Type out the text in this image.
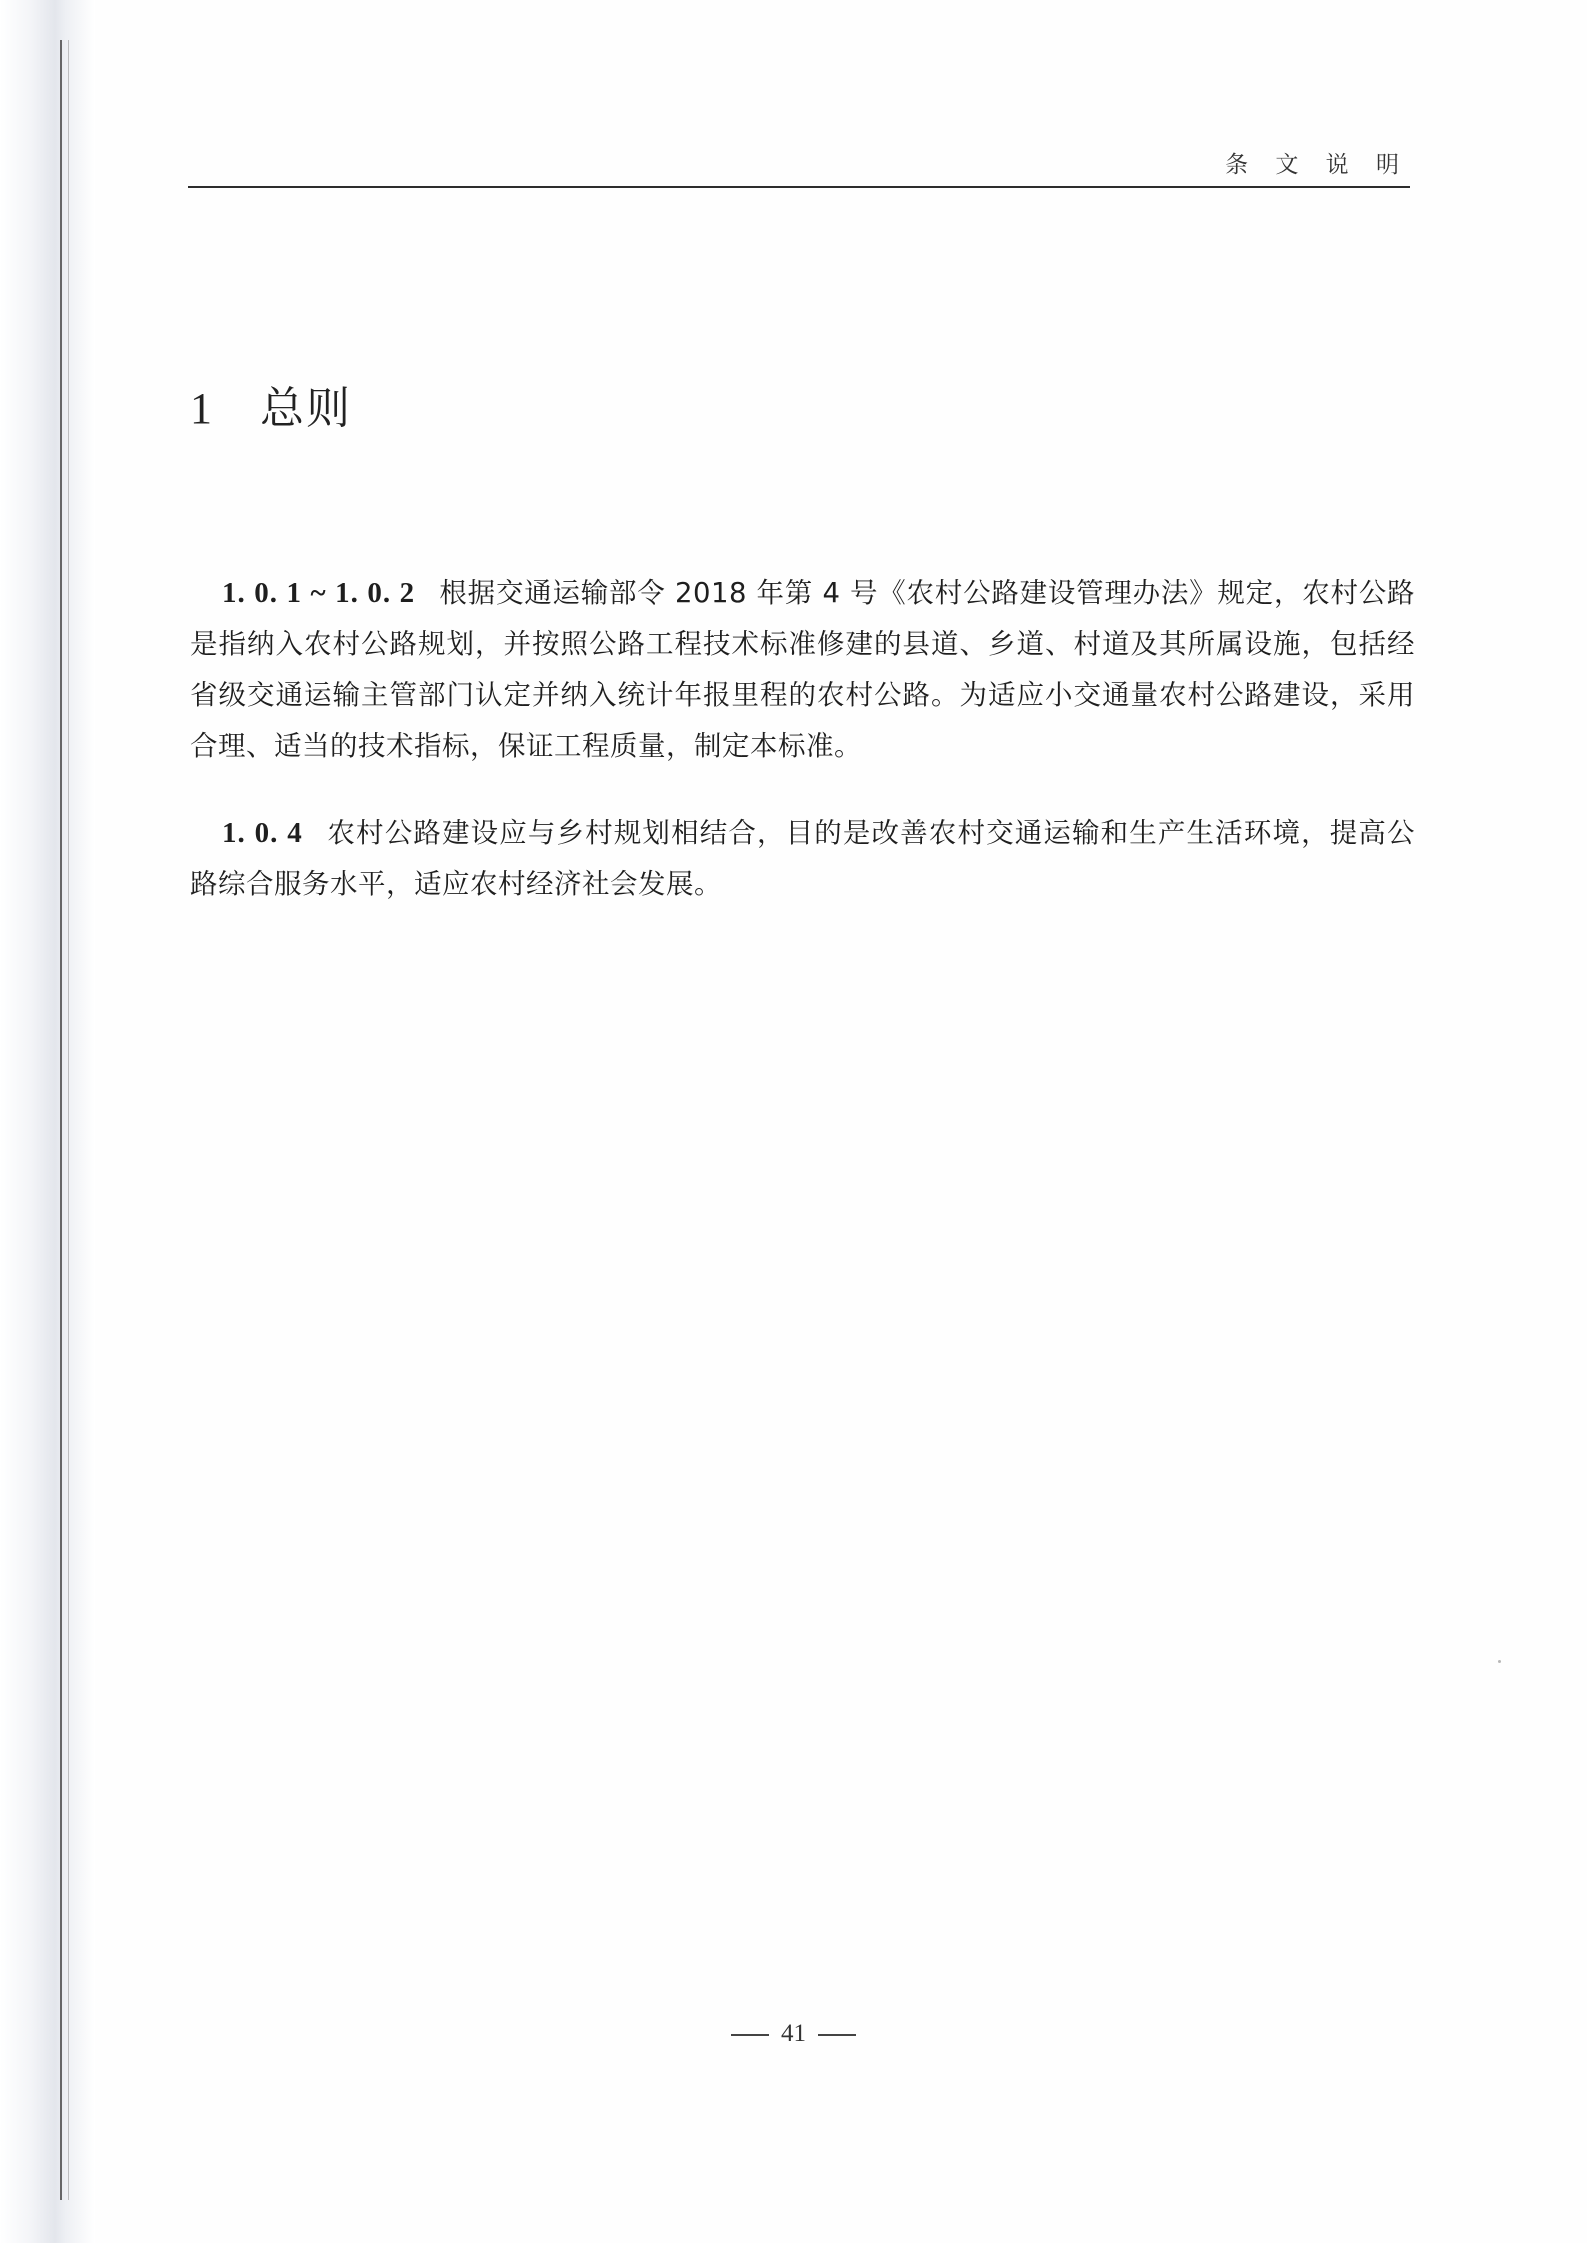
条 文 说 明
1 总则

1. 0. 1 ~ 1. 0. 2 根据交通运输部令 2018 年第 4 号《农村公路建设管理办法》规定，农村公路是指纳入农村公路规划，并按照公路工程技术标准修建的县道、乡道、村道及其所属设施，包括经省级交通运输主管部门认定并纳入统计年报里程的农村公路。为适应小交通量农村公路建设，采用合理、适当的技术指标，保证工程质量，制定本标准。

1. 0. 4 农村公路建设应与乡村规划相结合，目的是改善农村交通运输和生产生活环境，提高公路综合服务水平，适应农村经济社会发展。

41
